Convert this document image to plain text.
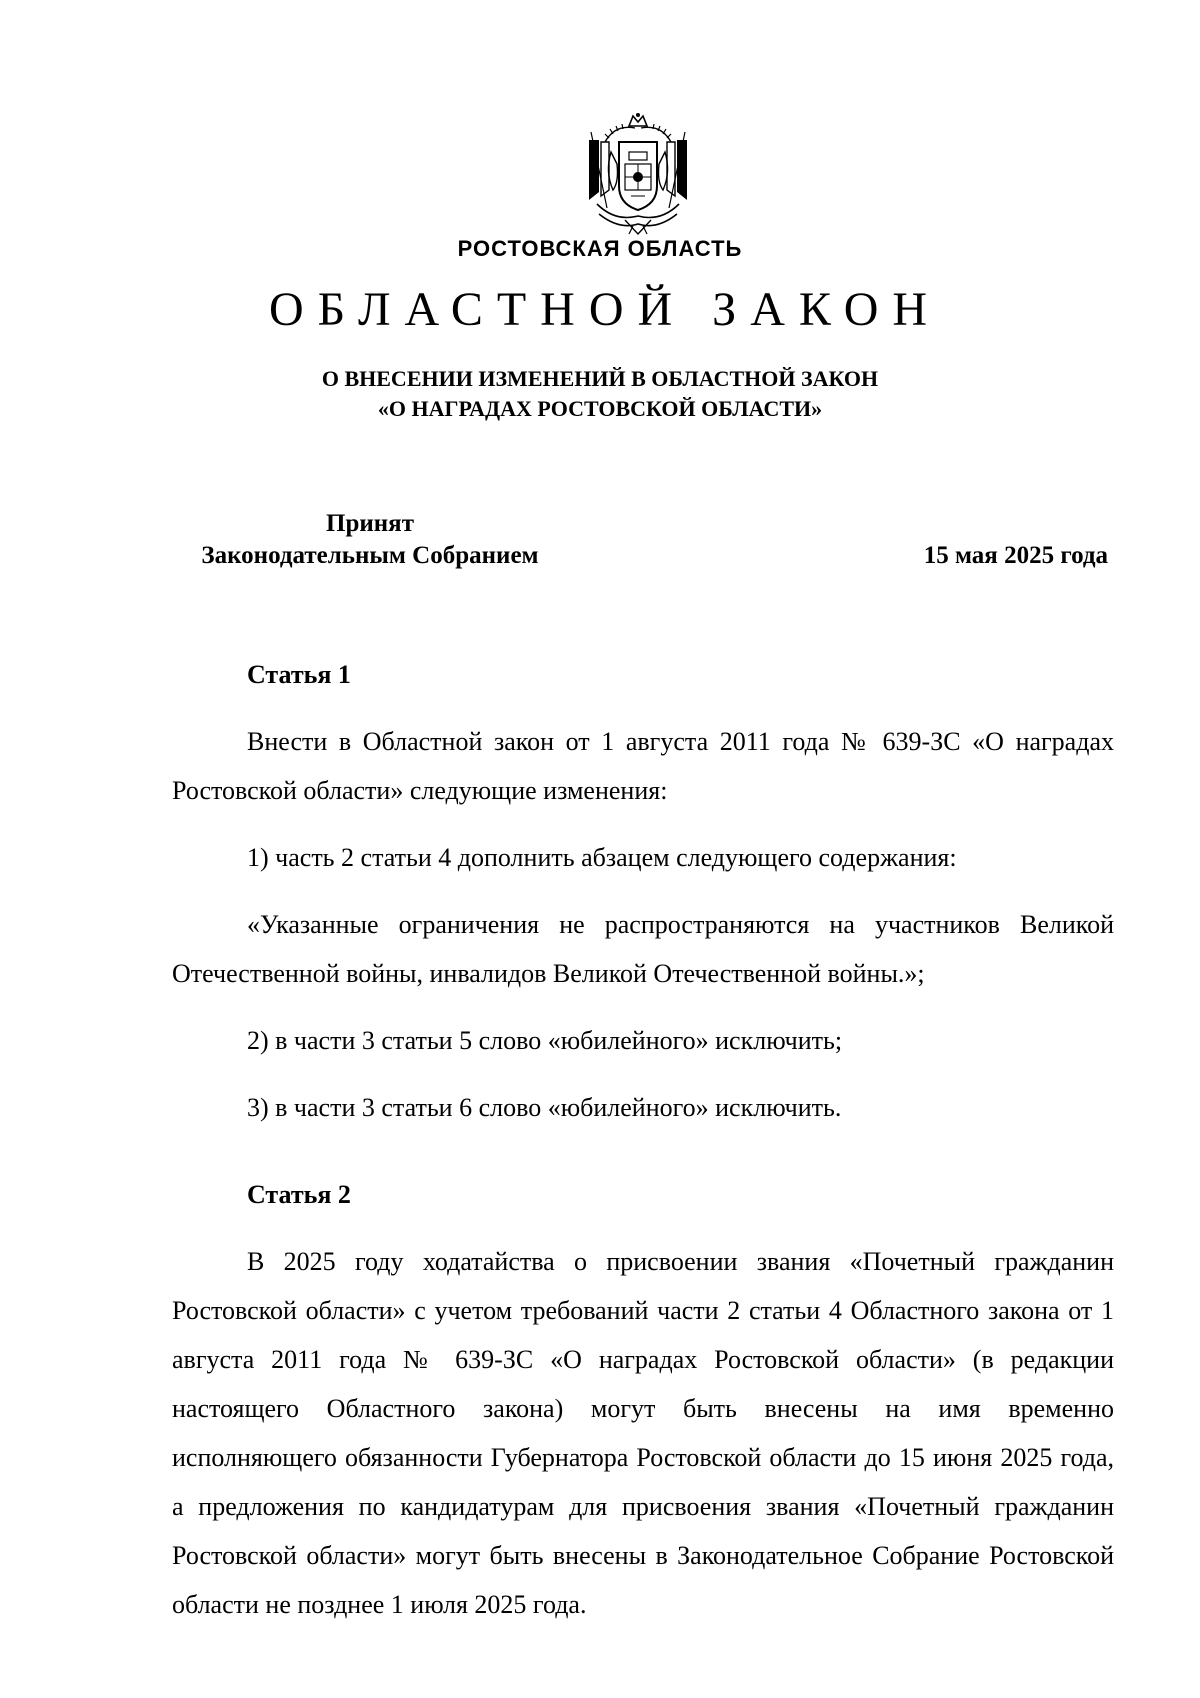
РОСТОВСКАЯ ОБЛАСТЬ
ОБЛАСТНОЙ ЗАКОН
О ВНЕСЕНИИ ИЗМЕНЕНИЙ В ОБЛАСТНОЙ ЗАКОН
«О НАГРАДАХ РОСТОВСКОЙ ОБЛАСТИ»
Принят
Законодательным Собранием	15 мая 2025 года
Статья 1
Внести в Областной закон от 1 августа 2011 года № 639-ЗС «О наградах Ростовской области» следующие изменения:
1) часть 2 статьи 4 дополнить абзацем следующего содержания:
«Указанные ограничения не распространяются на участников Великой Отечественной войны, инвалидов Великой Отечественной войны.»;
2) в части 3 статьи 5 слово «юбилейного» исключить;
3) в части 3 статьи 6 слово «юбилейного» исключить.
Статья 2
В 2025 году ходатайства о присвоении звания «Почетный гражданин Ростовской области» с учетом требований части 2 статьи 4 Областного закона от 1 августа 2011 года № 639-ЗС «О наградах Ростовской области» (в редакции настоящего Областного закона) могут быть внесены на имя временно исполняющего обязанности Губернатора Ростовской области до 15 июня 2025 года, а предложения по кандидатурам для присвоения звания «Почетный гражданин Ростовской области» могут быть внесены в Законодательное Собрание Ростовской области не позднее 1 июля 2025 года.
